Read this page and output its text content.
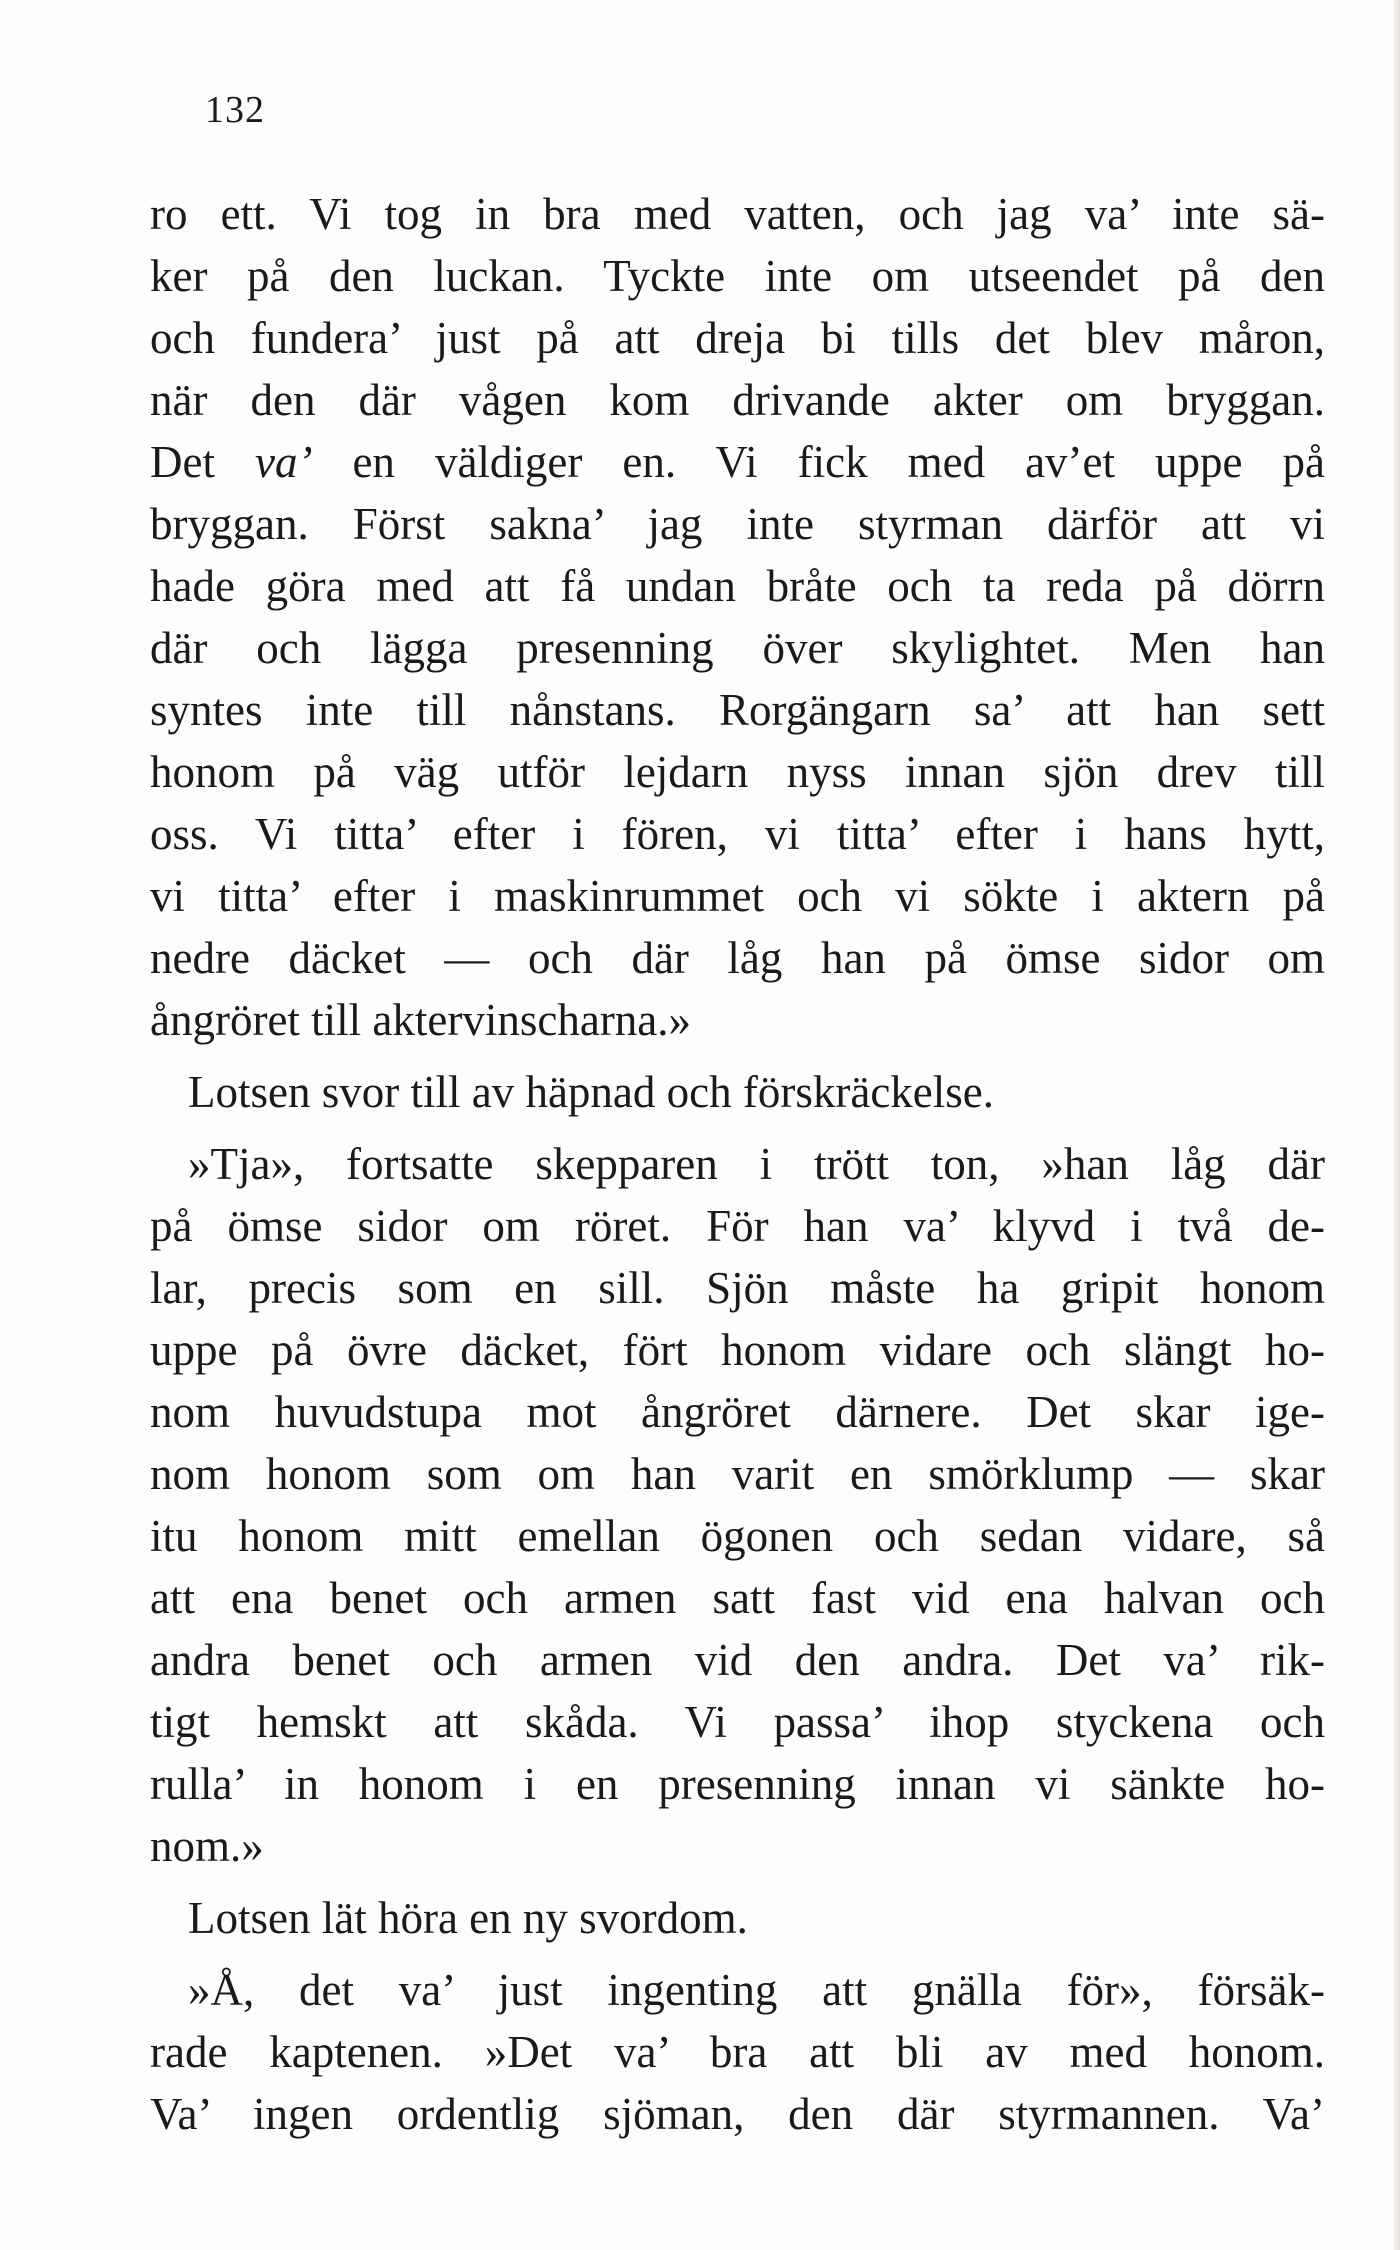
132
ro ett. Vi tog in bra med vatten, och jag va’ inte sä-
ker på den luckan. Tyckte inte om utseendet på den
och fundera’ just på att dreja bi tills det blev måron,
när den där vågen kom drivande akter om bryggan.
Det va’ en väldiger en. Vi fick med av’et uppe på
bryggan. Först sakna’ jag inte styrman därför att vi
hade göra med att få undan bråte och ta reda på dörrn
där och lägga presenning över skylightet. Men han
syntes inte till nånstans. Rorgängarn sa’ att han sett
honom på väg utför lejdarn nyss innan sjön drev till
oss. Vi titta’ efter i fören, vi titta’ efter i hans hytt,
vi titta’ efter i maskinrummet och vi sökte i aktern på
nedre däcket — och där låg han på ömse sidor om
ångröret till aktervinscharna.»
Lotsen svor till av häpnad och förskräckelse.
»Tja», fortsatte skepparen i trött ton, »han låg där
på ömse sidor om röret. För han va’ klyvd i två de-
lar, precis som en sill. Sjön måste ha gripit honom
uppe på övre däcket, fört honom vidare och slängt ho-
nom huvudstupa mot ångröret därnere. Det skar ige-
nom honom som om han varit en smörklump — skar
itu honom mitt emellan ögonen och sedan vidare, så
att ena benet och armen satt fast vid ena halvan och
andra benet och armen vid den andra. Det va’ rik-
tigt hemskt att skåda. Vi passa’ ihop styckena och
rulla’ in honom i en presenning innan vi sänkte ho-
nom.»
Lotsen lät höra en ny svordom.
»Å, det va’ just ingenting att gnälla för», försäk-
rade kaptenen. »Det va’ bra att bli av med honom.
Va’ ingen ordentlig sjöman, den där styrmannen. Va’
